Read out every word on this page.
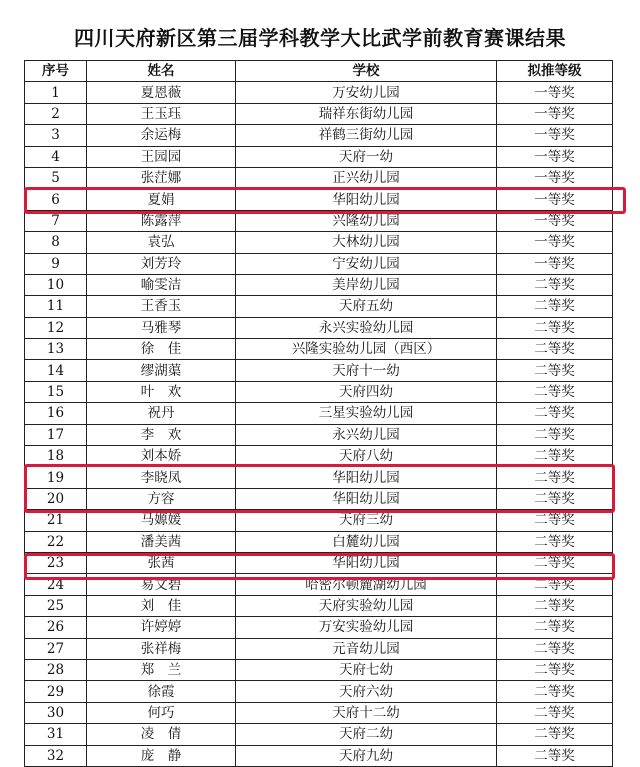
四川天府新区第三届学科教学大比武学前教育赛课结果
序号	姓名	学校	拟推等级
1	夏恩薇	万安幼儿园	一等奖
2	王玉珏	瑞祥东街幼儿园	一等奖
3	余运梅	祥鹤三街幼儿园	一等奖
4	王园园	天府一幼	一等奖
5	张茳娜	正兴幼儿园	一等奖
6	夏娟	华阳幼儿园	一等奖
7	陈露萍	兴隆幼儿园	一等奖
8	袁弘	大林幼儿园	一等奖
9	刘芳玲	宁安幼儿园	一等奖
10	喻雯洁	美岸幼儿园	二等奖
11	王香玉	天府五幼	二等奖
12	马雅琴	永兴实验幼儿园	二等奖
13	徐　佳	兴隆实验幼儿园（西区）	二等奖
14	缪湖蕖	天府十一幼	二等奖
15	叶　欢	天府四幼	二等奖
16	祝丹	三星实验幼儿园	二等奖
17	李　欢	永兴幼儿园	二等奖
18	刘本娇	天府八幼	二等奖
19	李晓凤	华阳幼儿园	二等奖
20	方容	华阳幼儿园	二等奖
21	马嫄媛	天府三幼	二等奖
22	潘美茜	白麓幼儿园	二等奖
23	张茜	华阳幼儿园	二等奖
24	易文碧	哈密尔顿麓湖幼儿园	二等奖
25	刘　佳	天府实验幼儿园	二等奖
26	许婷婷	万安实验幼儿园	二等奖
27	张祥梅	元音幼儿园	二等奖
28	郑　兰	天府七幼	二等奖
29	徐霞	天府六幼	二等奖
30	何巧	天府十二幼	二等奖
31	凌　倩	天府二幼	二等奖
32	庞　静	天府九幼	二等奖
